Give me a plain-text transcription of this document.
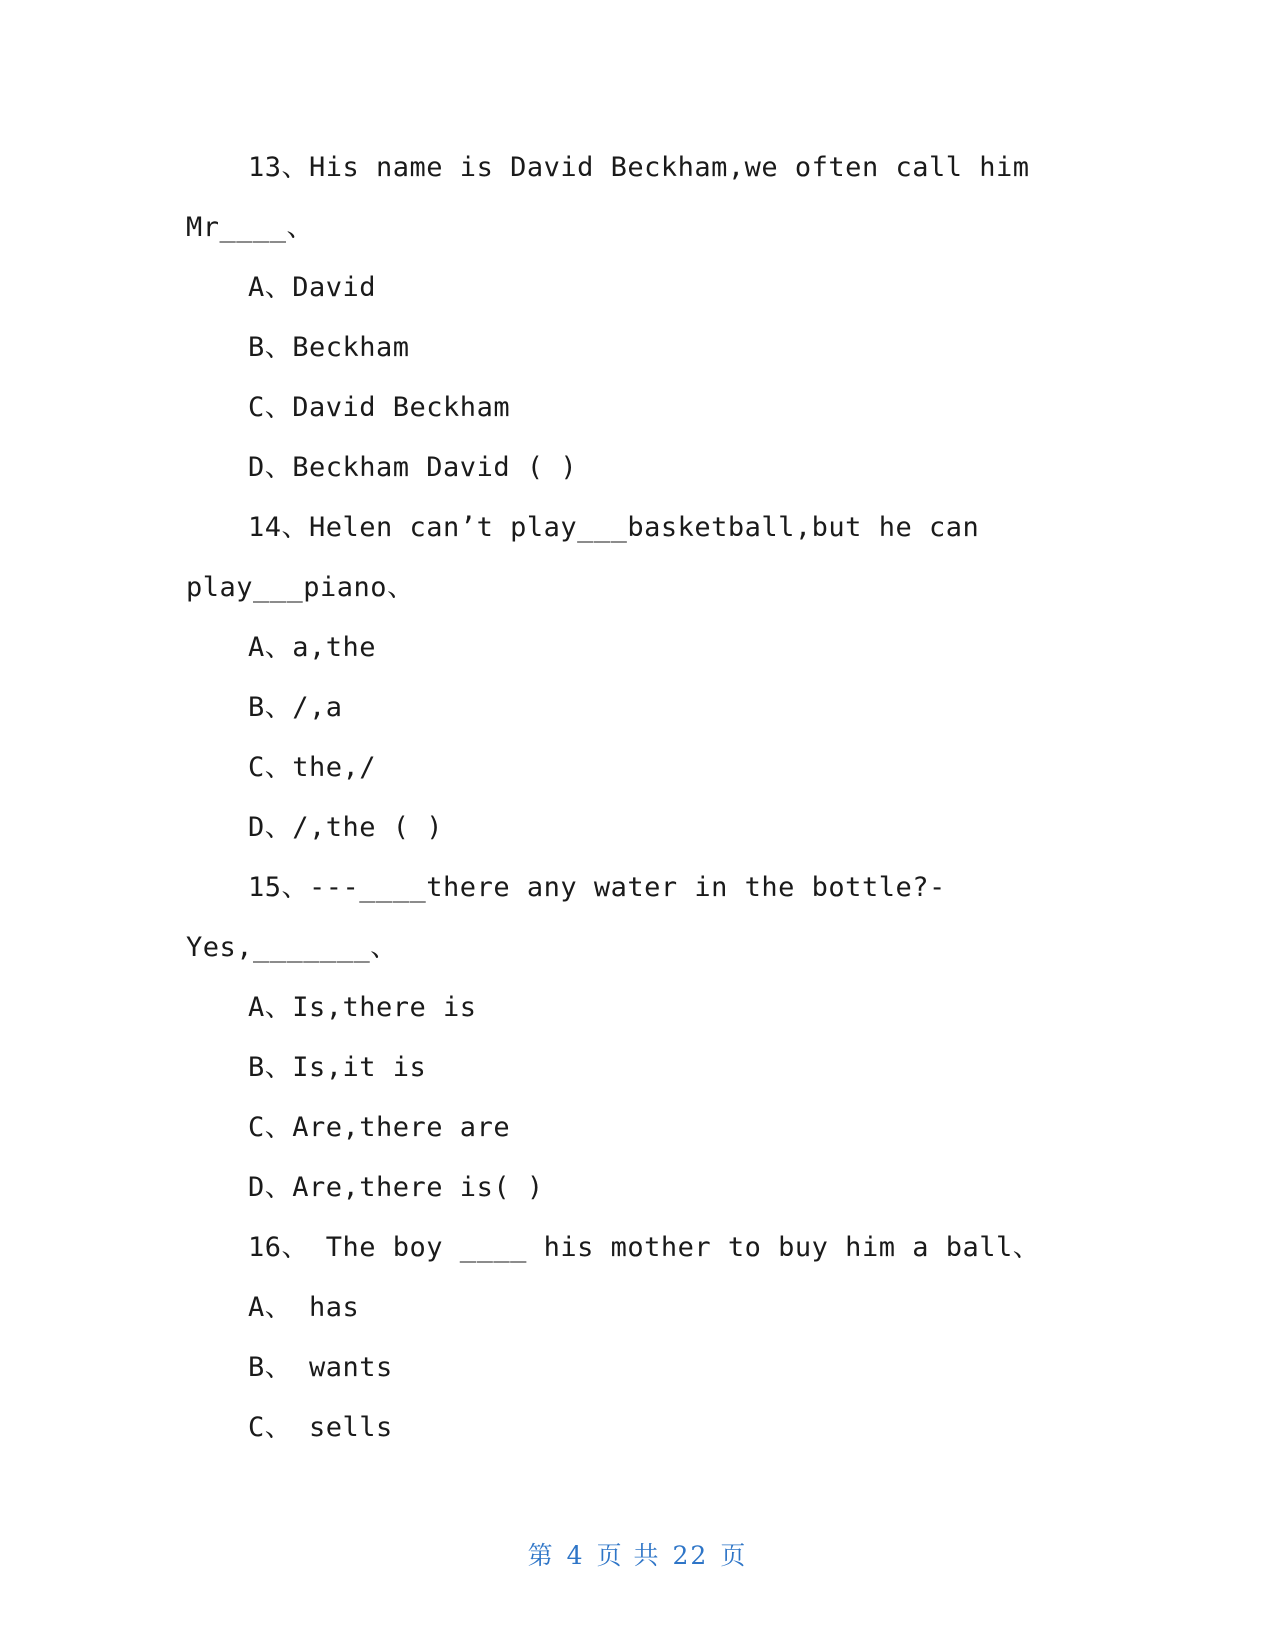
13、His name is David Beckham,we often call him
Mr____、
A、David
B、Beckham
C、David Beckham
D、Beckham David ( )
14、Helen can’t play___basketball,but he can
play___piano、
A、a,the
B、/,a
C、the,/
D、/,the ( )
15、---____there any water in the bottle?-
Yes,_______、
A、Is,there is
B、Is,it is
C、Are,there are
D、Are,there is( )
16、 The boy ____ his mother to buy him a ball、
A、 has
B、 wants
C、 sells
第 4 页 共 22 页
